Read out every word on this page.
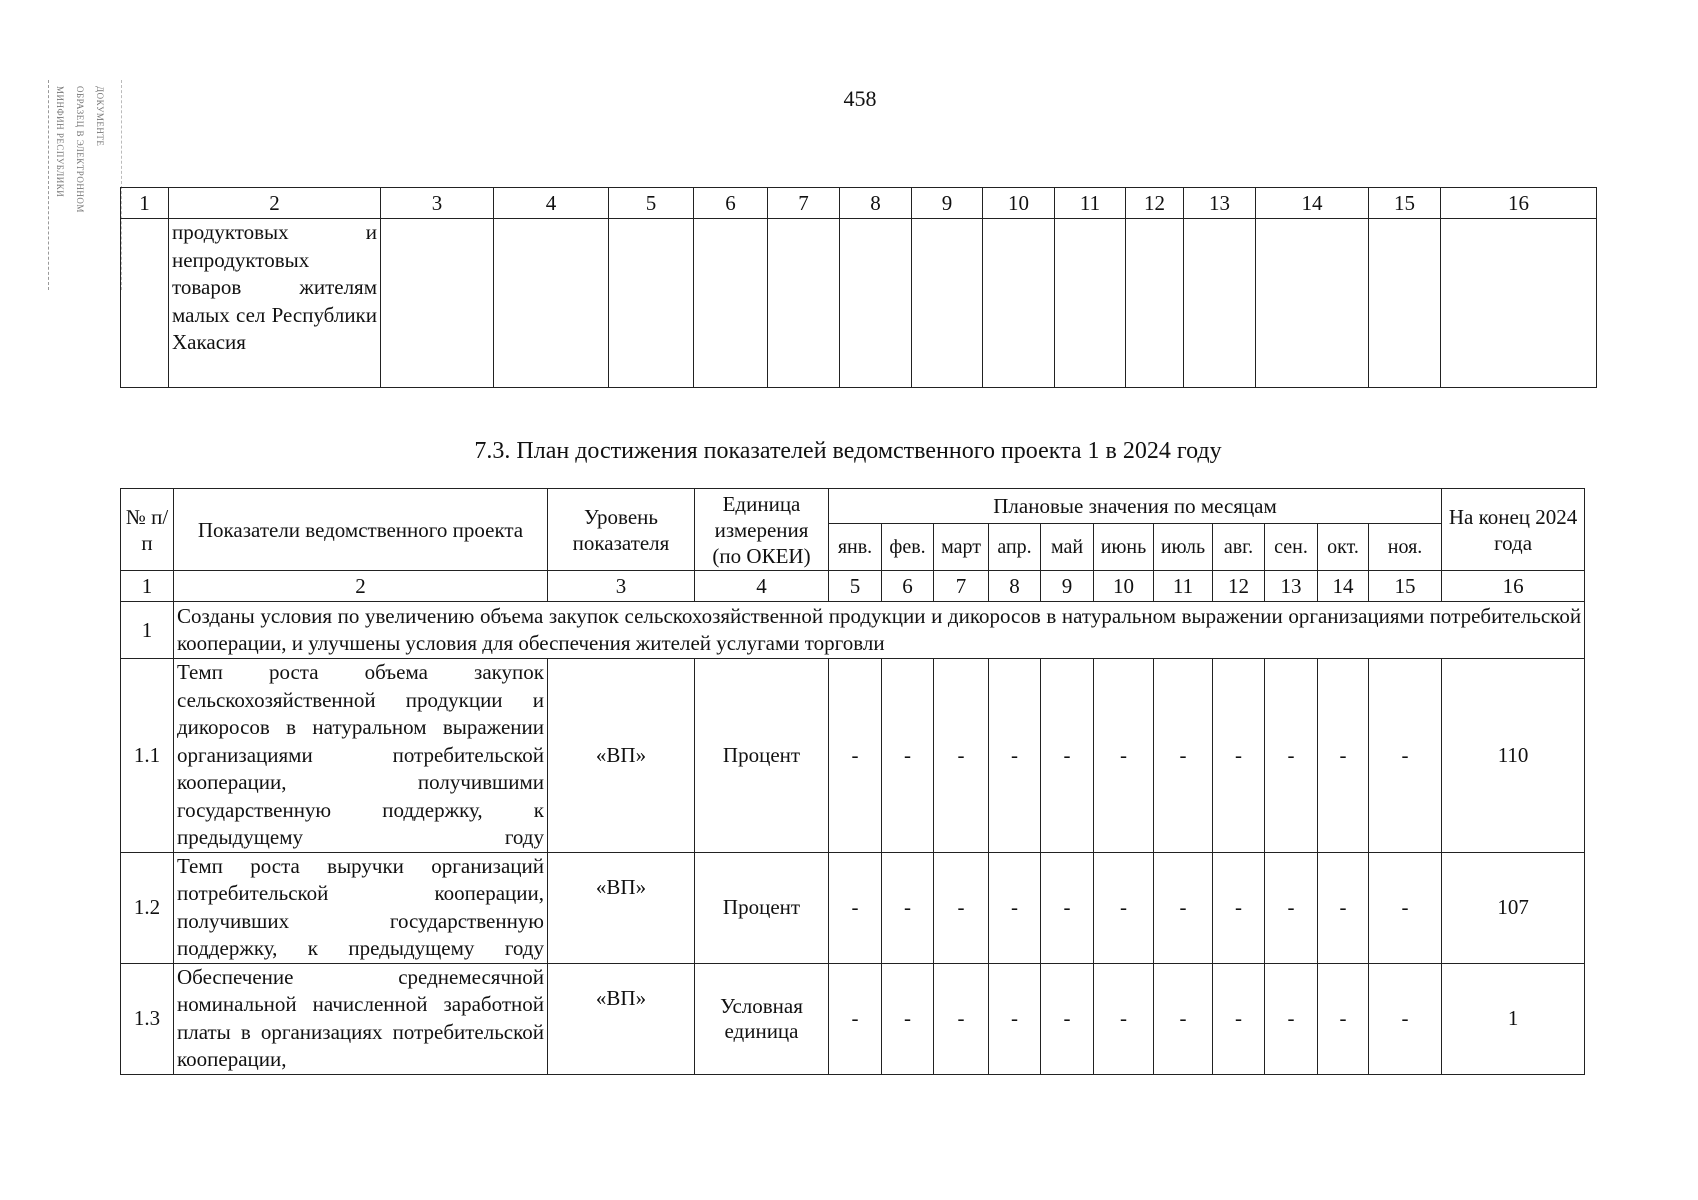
МИНФИН РЕСПУБЛИКИ ОБРАЗЕЦ В ЭЛЕКТРОННОМ ДОКУМЕНТЕ	458
1	2	3	4	5	6	7	8	9	10	11	12	13	14	15	16
	продуктовых и непродуктовых товаров жителям малых сел Республики Хакасия														
7.3. План достижения показателей ведомственного проекта 1 в 2024 году
№ п/п	Показатели ведомственного проекта	Уровень показателя	Единица измерения (по ОКЕИ)	Плановые значения по месяцам											На конец 2024 года
				янв.	фев.	март	апр.	май	июнь	июль	авг.	сен.	окт.	ноя.	
1	2	3	4	5	6	7	8	9	10	11	12	13	14	15	16
1	Созданы условия по увеличению объема закупок сельскохозяйственной продукции и дикоросов в натуральном выражении организациями потребительской кооперации, и улучшены условия для обеспечения жителей услугами торговли														
1.1	Темп роста объема закупок сельскохозяйственной продукции и дикоросов в натуральном выражении организациями потребительской кооперации, получившими государственную поддержку, к предыдущему году	«ВП»	Процент	-	-	-	-	-	-	-	-	-	-	-	110
1.2	Темп роста выручки организаций потребительской кооперации, получивших государственную поддержку, к предыдущему году	«ВП»	Процент	-	-	-	-	-	-	-	-	-	-	-	107
1.3	Обеспечение среднемесячной номинальной начисленной заработной платы в организациях потребительской кооперации,	«ВП»	Условная единица	-	-	-	-	-	-	-	-	-	-	-	1
